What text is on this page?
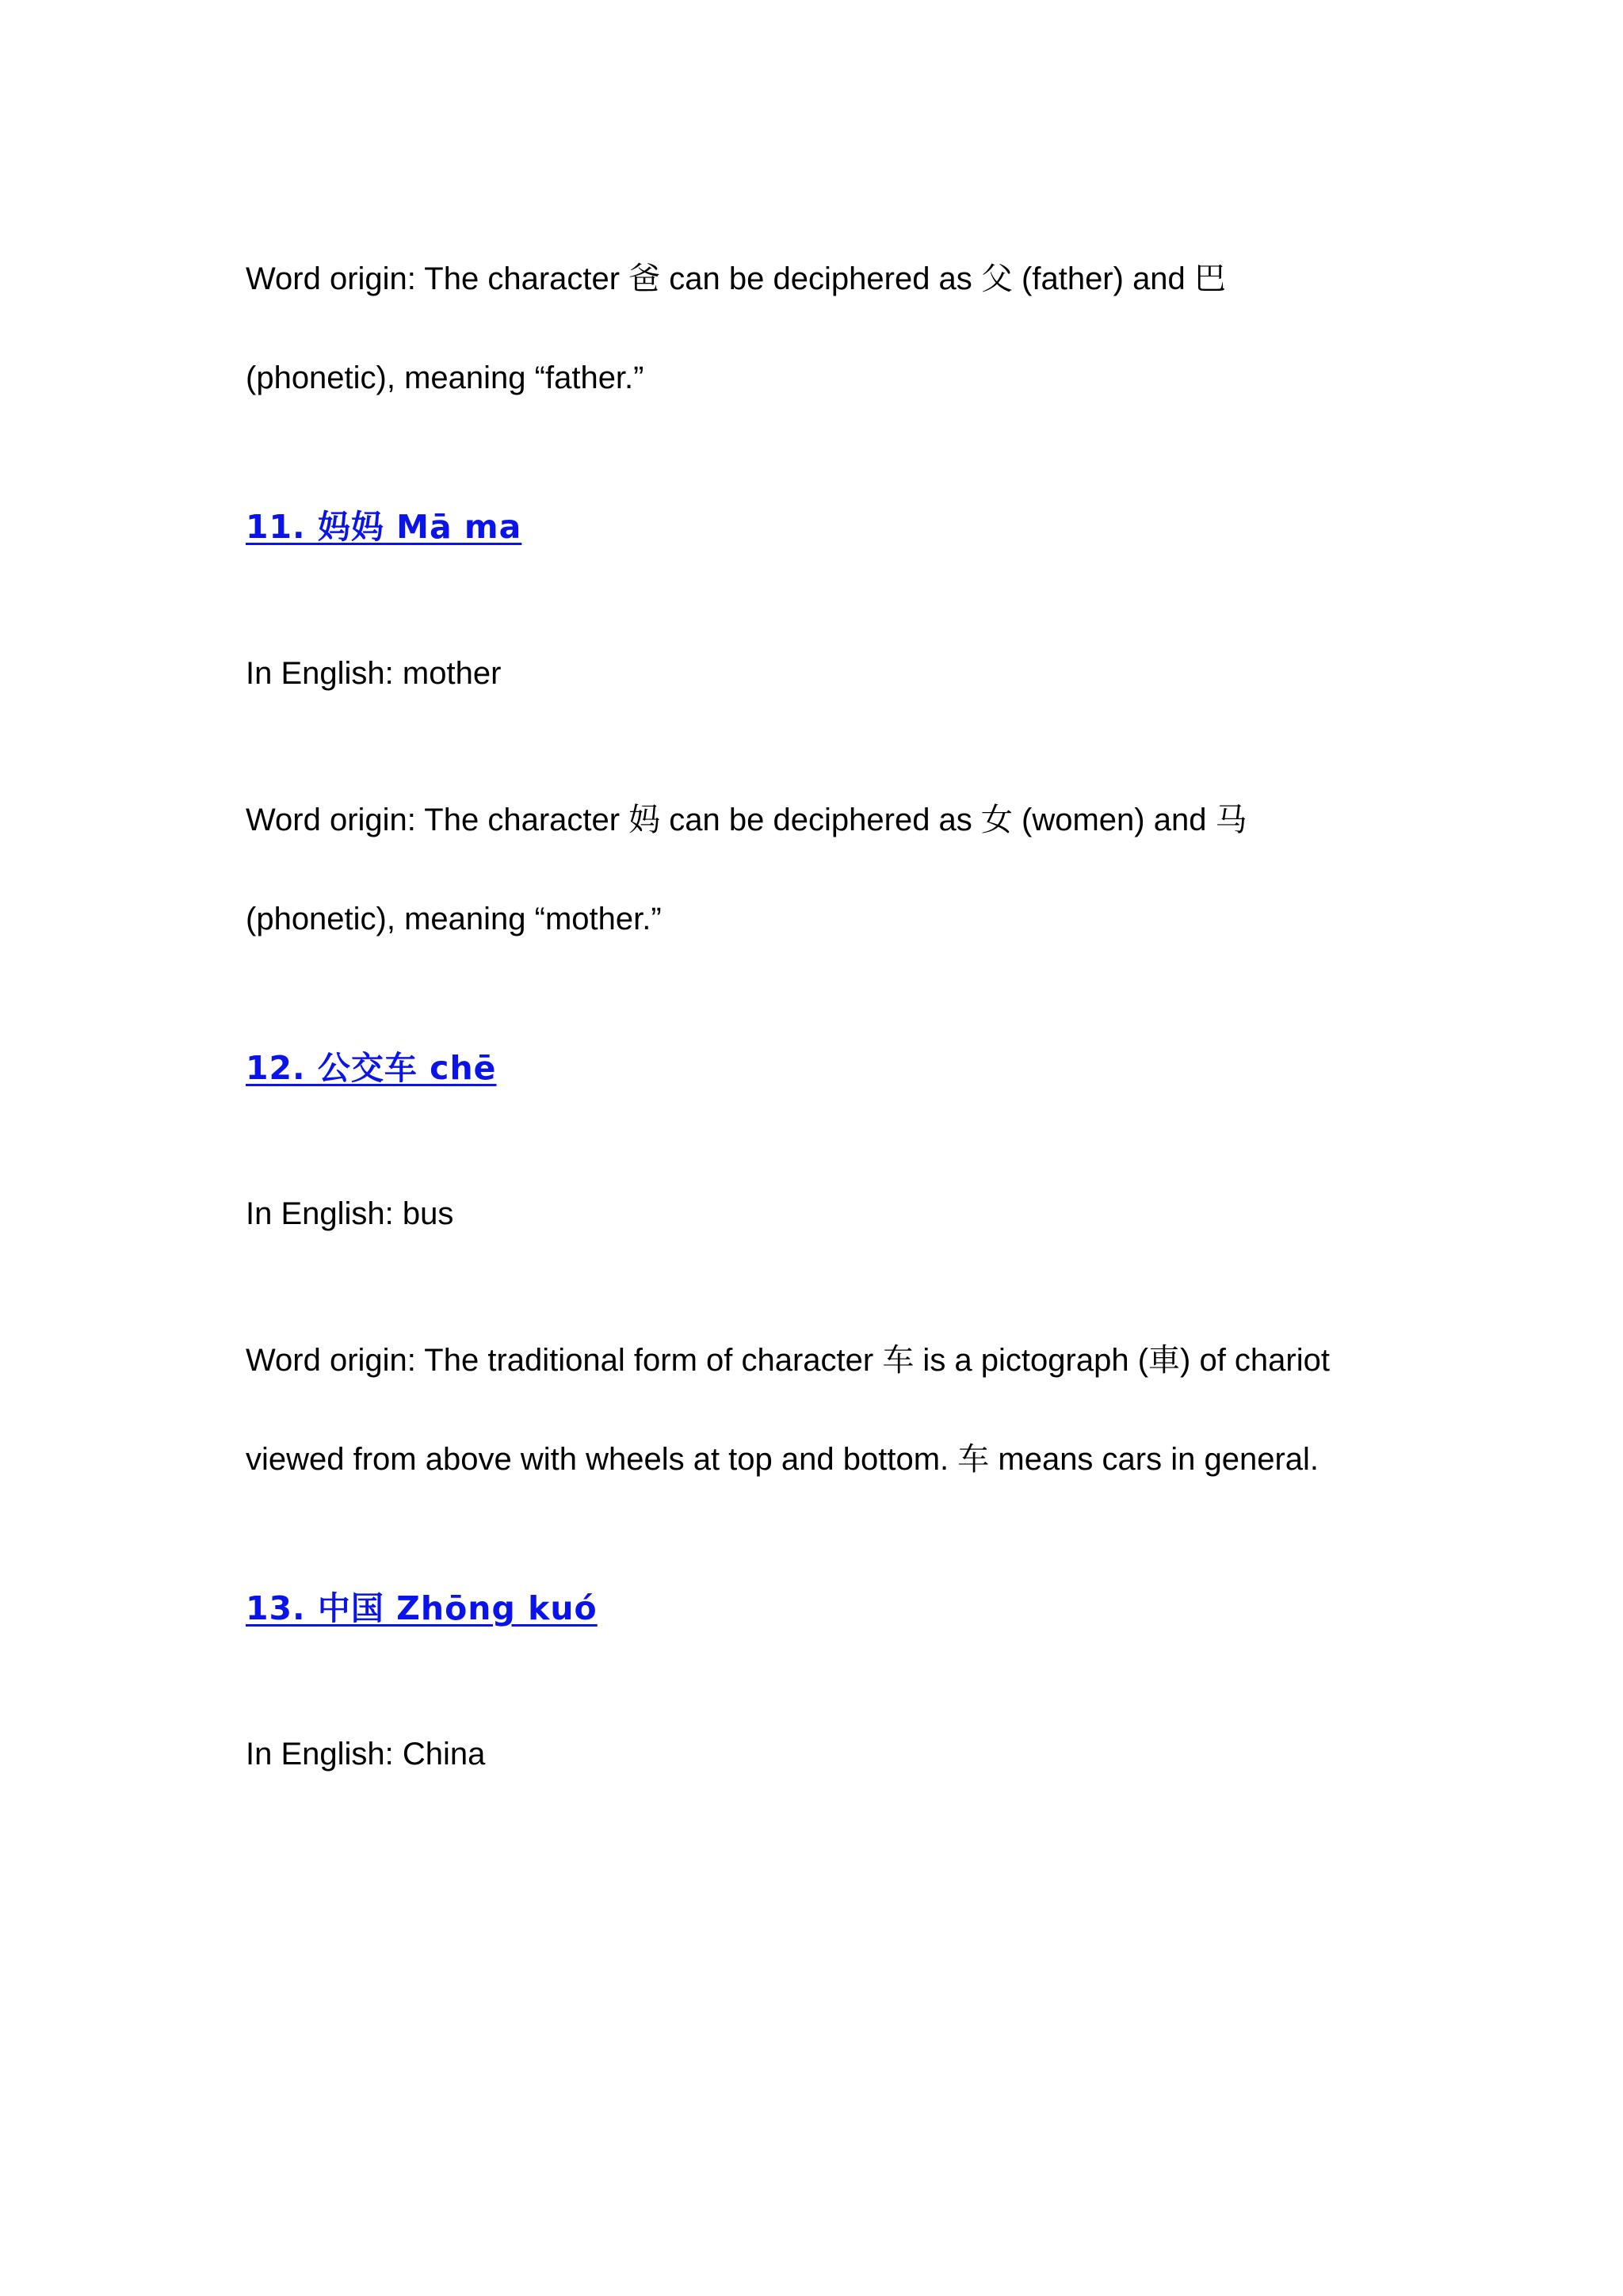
Word origin: The character 爸 can be deciphered as 父 (father) and 巴
(phonetic), meaning “father.”
11. 妈妈 Mā ma
In English: mother
Word origin: The character 妈 can be deciphered as 女 (women) and 马
(phonetic), meaning “mother.”
12. 公交车 chē
In English: bus
Word origin: The traditional form of character 车 is a pictograph (車) of chariot
viewed from above with wheels at top and bottom. 车 means cars in general.
13. 中国 Zhōng kuó
In English: China
